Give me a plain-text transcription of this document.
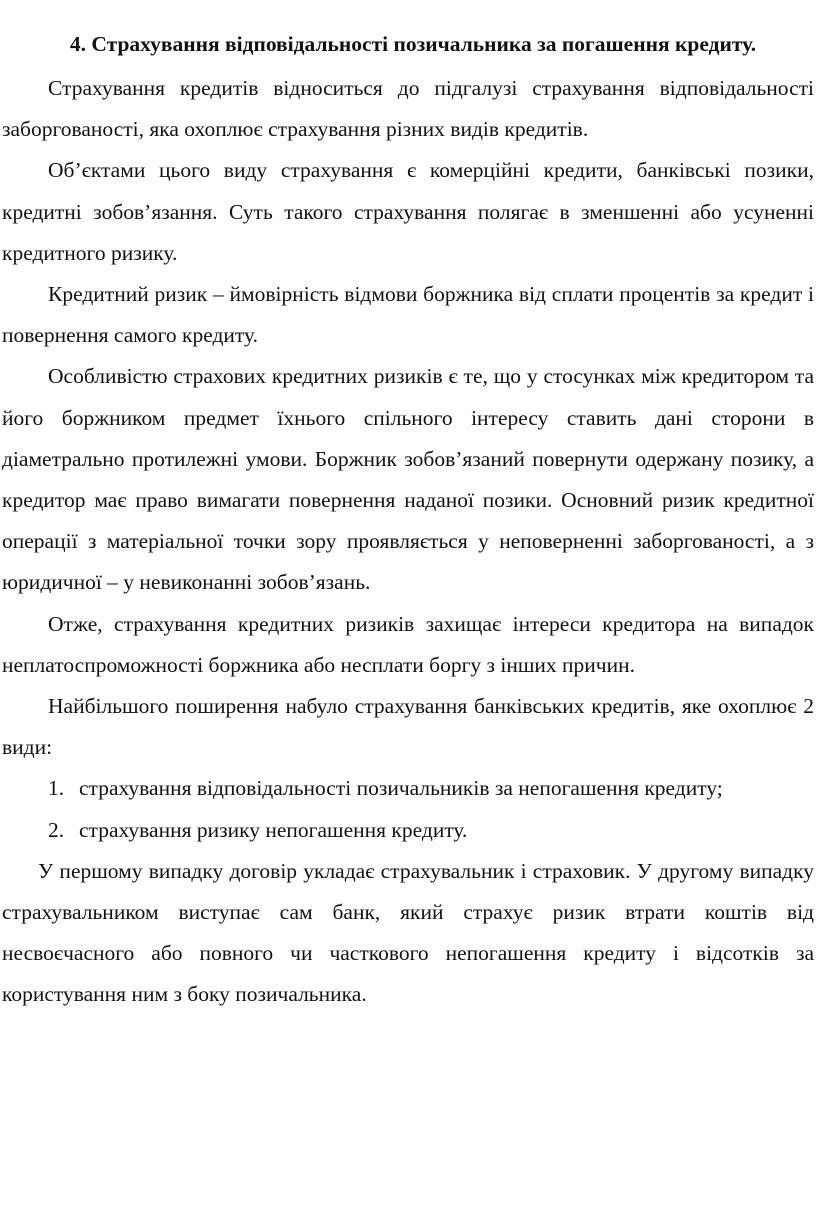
4. Страхування відповідальності позичальника за погашення кредиту.

Страхування кредитів відноситься до підгалузі страхування відповідальності заборгованості, яка охоплює страхування різних видів кредитів.

Об’єктами цього виду страхування є комерційні кредити, банківські позики, кредитні зобов’язання. Суть такого страхування полягає в зменшенні або усуненні кредитного ризику.

Кредитний ризик – ймовірність відмови боржника від сплати процентів за кредит і повернення самого кредиту.

Особливістю страхових кредитних ризиків є те, що у стосунках між кредитором та його боржником предмет їхнього спільного інтересу ставить дані сторони в діаметрально протилежні умови. Боржник зобов’язаний повернути одержану позику, а кредитор має право вимагати повернення наданої позики. Основний ризик кредитної операції з матеріальної точки зору проявляється у неповерненні заборгованості, а з юридичної – у невиконанні зобов’язань.

Отже, страхування кредитних ризиків захищає інтереси кредитора на випадок неплатоспроможності боржника або несплати боргу з інших причин.

Найбільшого поширення набуло страхування банківських кредитів, яке охоплює 2 види:

1. страхування відповідальності позичальників за непогашення кредиту;
2. страхування ризику непогашення кредиту.

У першому випадку договір укладає страхувальник і страховик. У другому випадку страхувальником виступає сам банк, який страхує ризик втрати коштів від несвоєчасного або повного чи часткового непогашення кредиту і відсотків за користування ним з боку позичальника.
